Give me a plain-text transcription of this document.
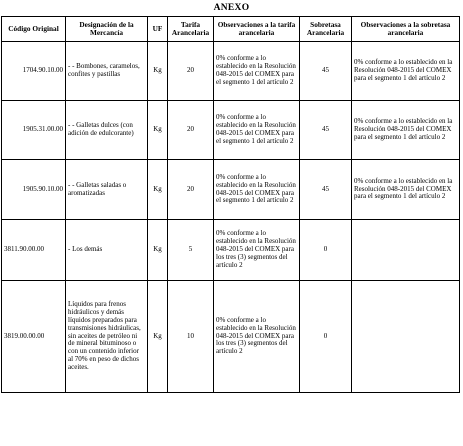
ANEXO
Código Original	Designación de la Mercancía	UF	Tarifa Arancelaria	Observaciones a la tarifa arancelaria	Sobretasa Arancelaria	Observaciones a la sobretasa arancelaria
1704.90.10.00	- - Bombones, caramelos, confites y pastillas	Kg	20	0% conforme a lo establecido en la Resolución 048-2015 del COMEX para el segmento 1 del artículo 2	45	0% conforme a lo establecido en la Resolución 048-2015 del COMEX para el segmento 1 del artículo 2
1905.31.00.00	- - Galletas dulces (con adición de edulcorante)	Kg	20	0% conforme a lo establecido en la Resolución 048-2015 del COMEX para el segmento 1 del artículo 2	45	0% conforme a lo establecido en la Resolución 048-2015 del COMEX para el segmento 1 del artículo 2
1905.90.10.00	- - Galletas saladas o aromatizadas	Kg	20	0% conforme a lo establecido en la Resolución 048-2015 del COMEX para el segmento 1 del artículo 2	45	0% conforme a lo establecido en la Resolución 048-2015 del COMEX para el segmento 1 del artículo 2
3811.90.00.00	- Los demás	Kg	5	0% conforme a lo establecido en la Resolución 048-2015 del COMEX para los tres (3) segmentos del artículo 2	0	
3819.00.00.00	Líquidos para frenos hidráulicos y demás líquidos preparados para transmisiones hidráulicas, sin aceites de petróleo ni de mineral bituminoso o con un contenido inferior al 70% en peso de dichos aceites.	Kg	10	0% conforme a lo establecido en la Resolución 048-2015 del COMEX para los tres (3) segmentos del artículo 2	0	
